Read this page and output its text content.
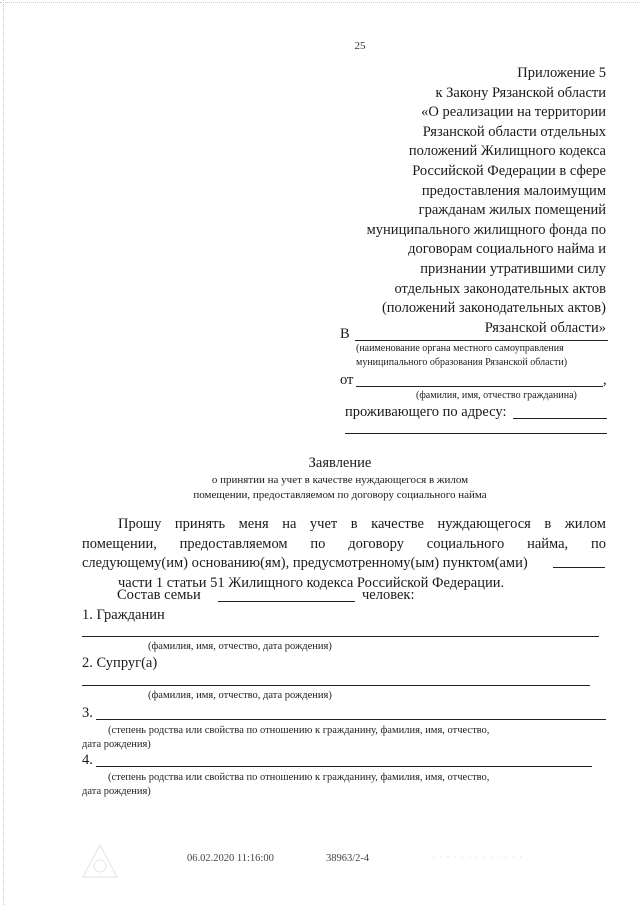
25
Приложение 5
к Закону Рязанской области
«О реализации на территории
Рязанской области отдельных
положений Жилищного кодекса
Российской Федерации в сфере
предоставления малоимущим
гражданам жилых помещений
муниципального жилищного фонда по
договорам социального найма и
признании утратившими силу
отдельных законодательных актов
(положений законодательных актов)
Рязанской области»
В
(наименование органа местного самоуправления
муниципального образования Рязанской области)
от	,
(фамилия, имя, отчество гражданина)
проживающего по адресу:
Заявление
о принятии на учет в качестве нуждающегося в жилом
помещении, предоставляемом по договору социального найма
Прошу принять меня на учет в качестве нуждающегося в жилом
помещении, предоставляемом по договору социального найма, по
следующему(им) основанию(ям), предусмотренному(ым) пунктом(ами)
части 1 статьи 51 Жилищного кодекса Российской Федерации.
Состав семьи	человек:
1. Гражданин
(фамилия, имя, отчество, дата рождения)
2. Супруг(а)
(фамилия, имя, отчество, дата рождения)
3.
(степень родства или свойства по отношению к гражданину, фамилия, имя, отчество,
дата рождения)
4.
(степень родства или свойства по отношению к гражданину, фамилия, имя, отчество,
дата рождения)
06.02.2020 11:16:00	38963/2-4	· · · · · · · · · · · · ·
